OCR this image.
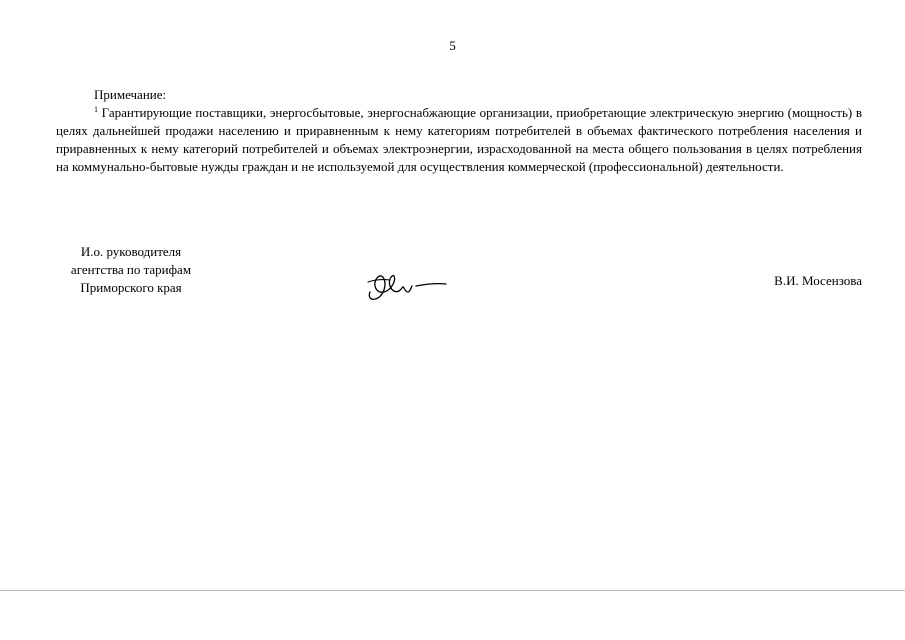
5

Примечание:

$^1$ Гарантирующие поставщики, энергосбытовые, энергоснабжающие организации, приобретающие электрическую энергию (мощность) в целях дальнейшей продажи населению и приравненным к нему категориям потребителей в объемах фактического потребления населения и приравненных к нему категорий потребителей и объемах электроэнергии, израсходованной на места общего пользования в целях потребления на коммунально-бытовые нужды граждан и не используемой для осуществления коммерческой (профессиональной) деятельности.

И.о. руководителя
агентства по тарифам
Приморского края	В.И. Мосензова
